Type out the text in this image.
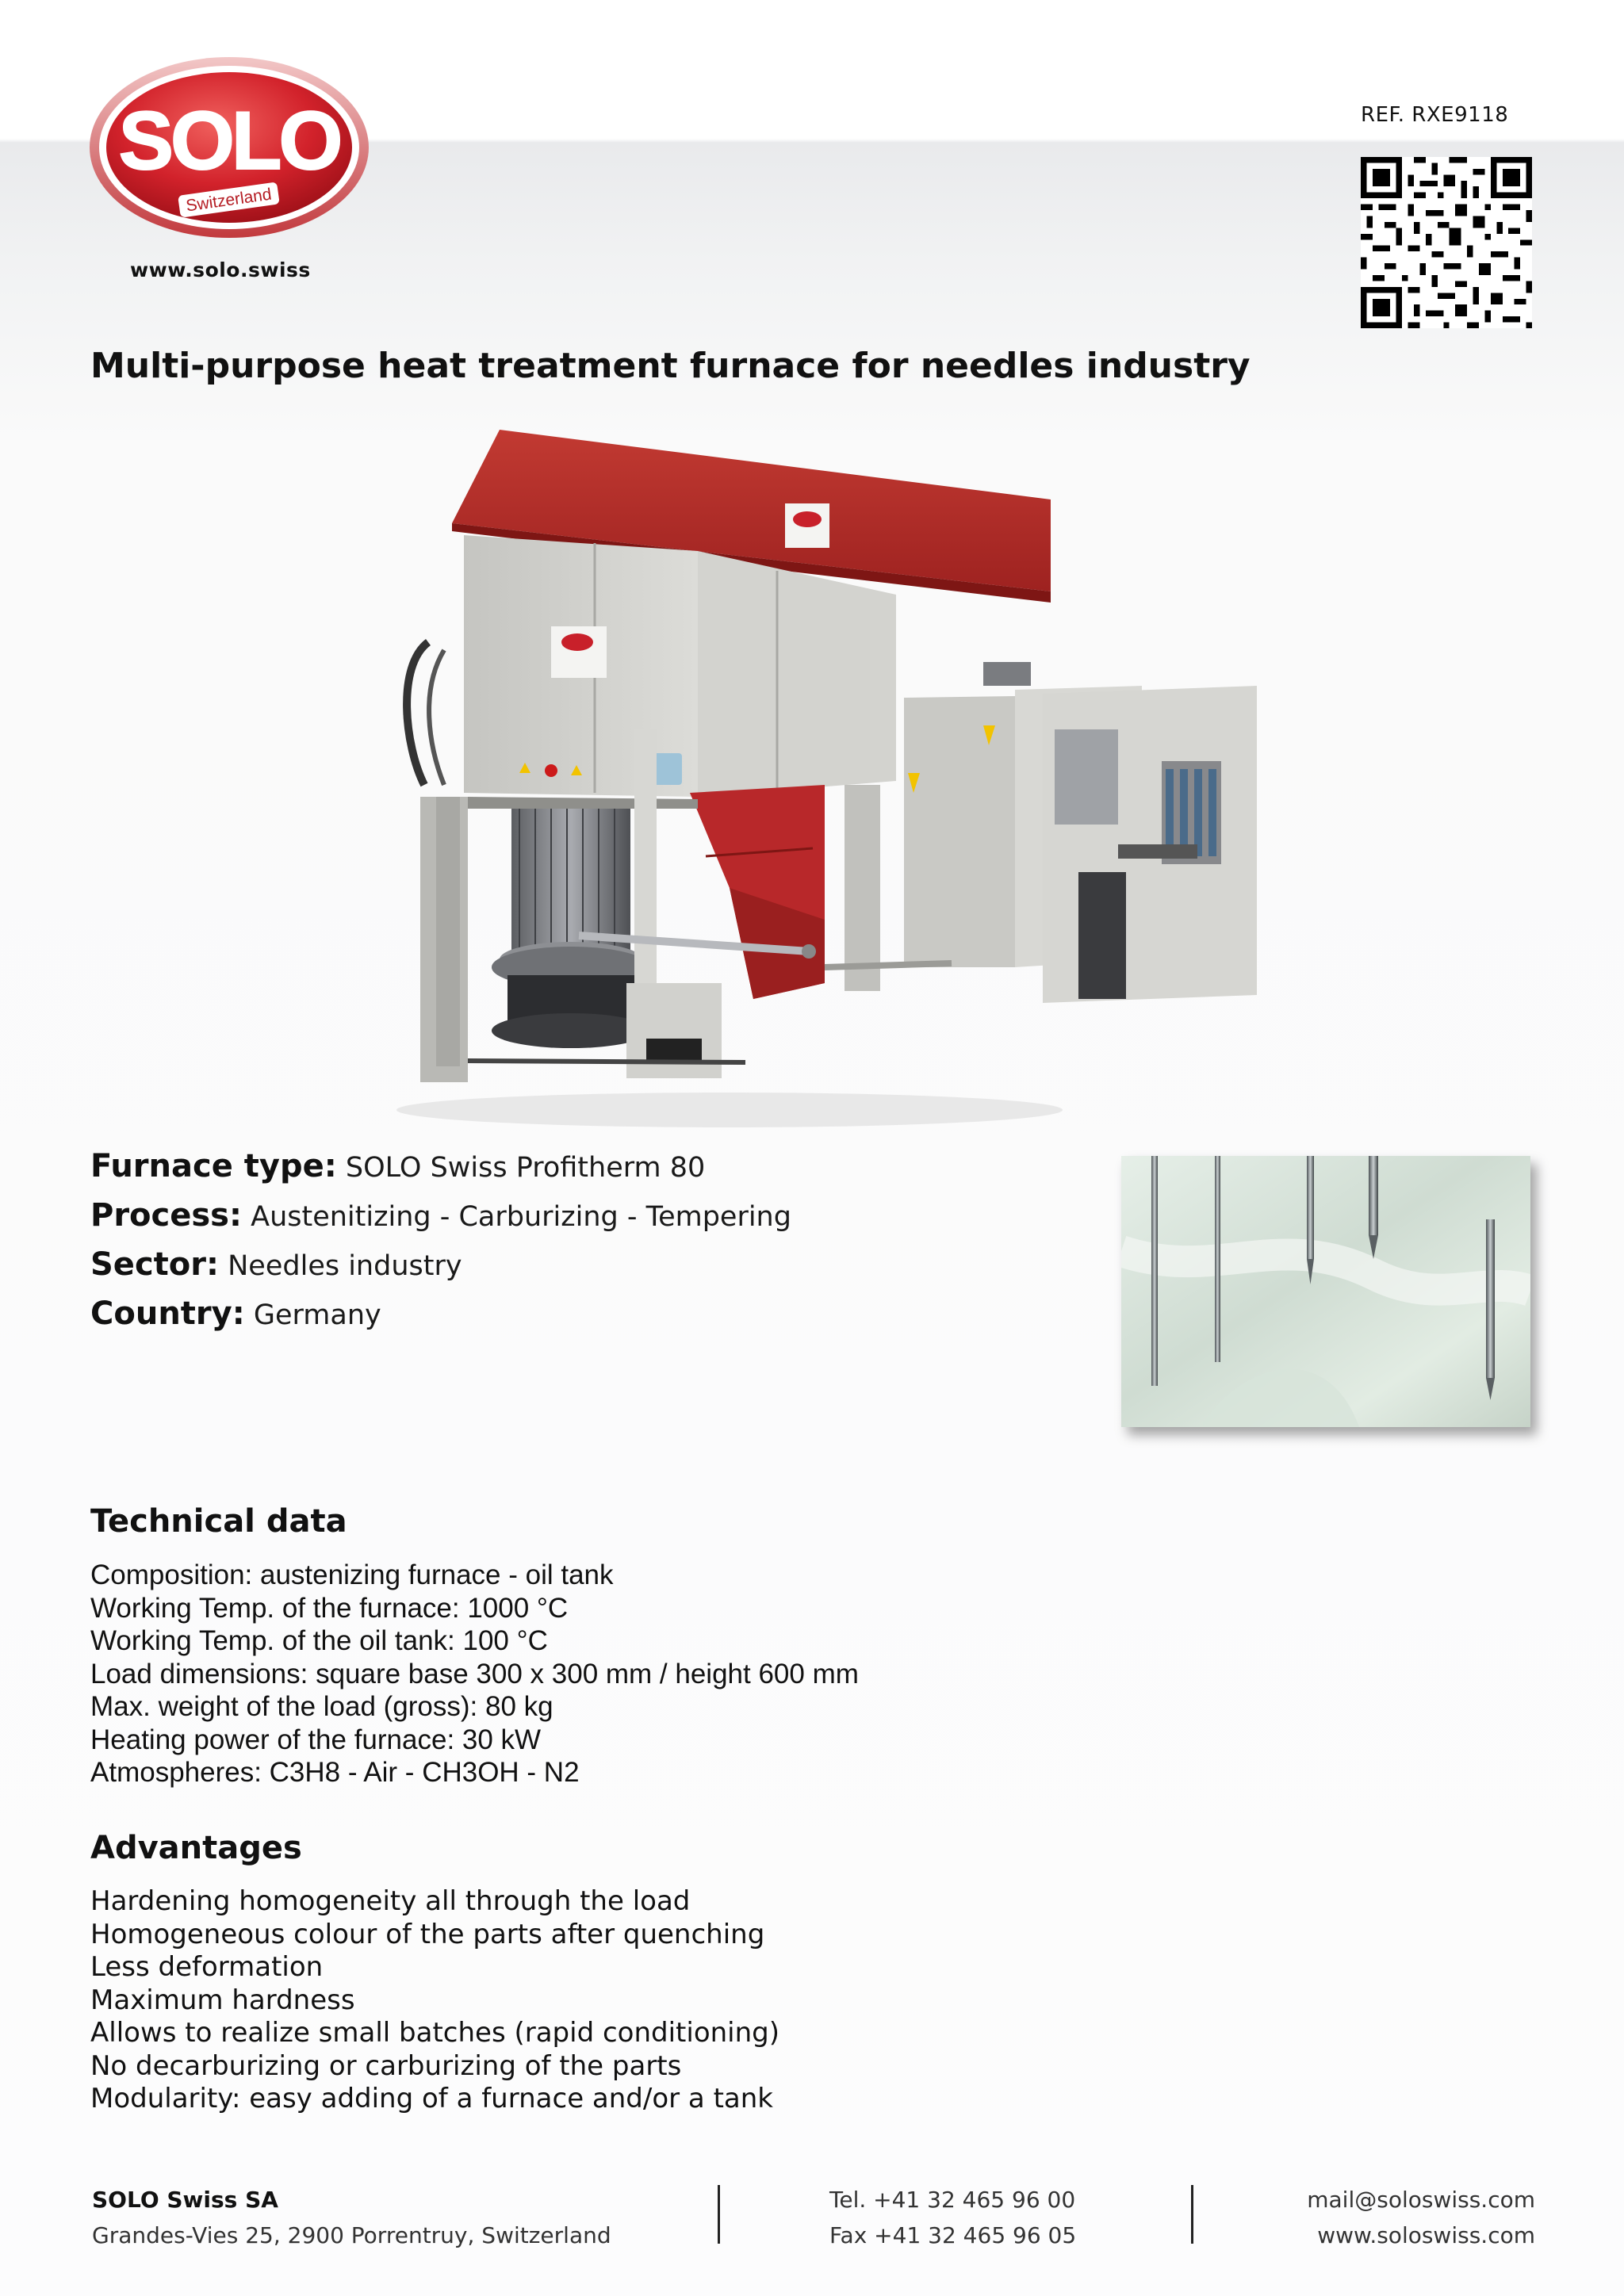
SOLO
Switzerland
www.solo.swiss
REF. RXE9118
Multi-purpose heat treatment furnace for needles industry
Furnace type: SOLO Swiss Profitherm 80
Process: Austenitizing - Carburizing - Tempering
Sector: Needles industry
Country: Germany
Technical data
Composition: austenizing furnace - oil tank
Working Temp. of the furnace: 1000 °C
Working Temp. of the oil tank: 100 °C
Load dimensions: square base 300 x 300 mm / height 600 mm
Max. weight of the load (gross): 80 kg
Heating power of the furnace: 30 kW
Atmospheres: C3H8 - Air - CH3OH - N2
Advantages
Hardening homogeneity all through the load
Homogeneous colour of the parts after quenching
Less deformation
Maximum hardness
Allows to realize small batches (rapid conditioning)
No decarburizing or carburizing of the parts
Modularity: easy adding of a furnace and/or a tank
SOLO Swiss SA
Grandes-Vies 25, 2900 Porrentruy, Switzerland
Tel. +41 32 465 96 00
Fax +41 32 465 96 05
mail@soloswiss.com
www.soloswiss.com
